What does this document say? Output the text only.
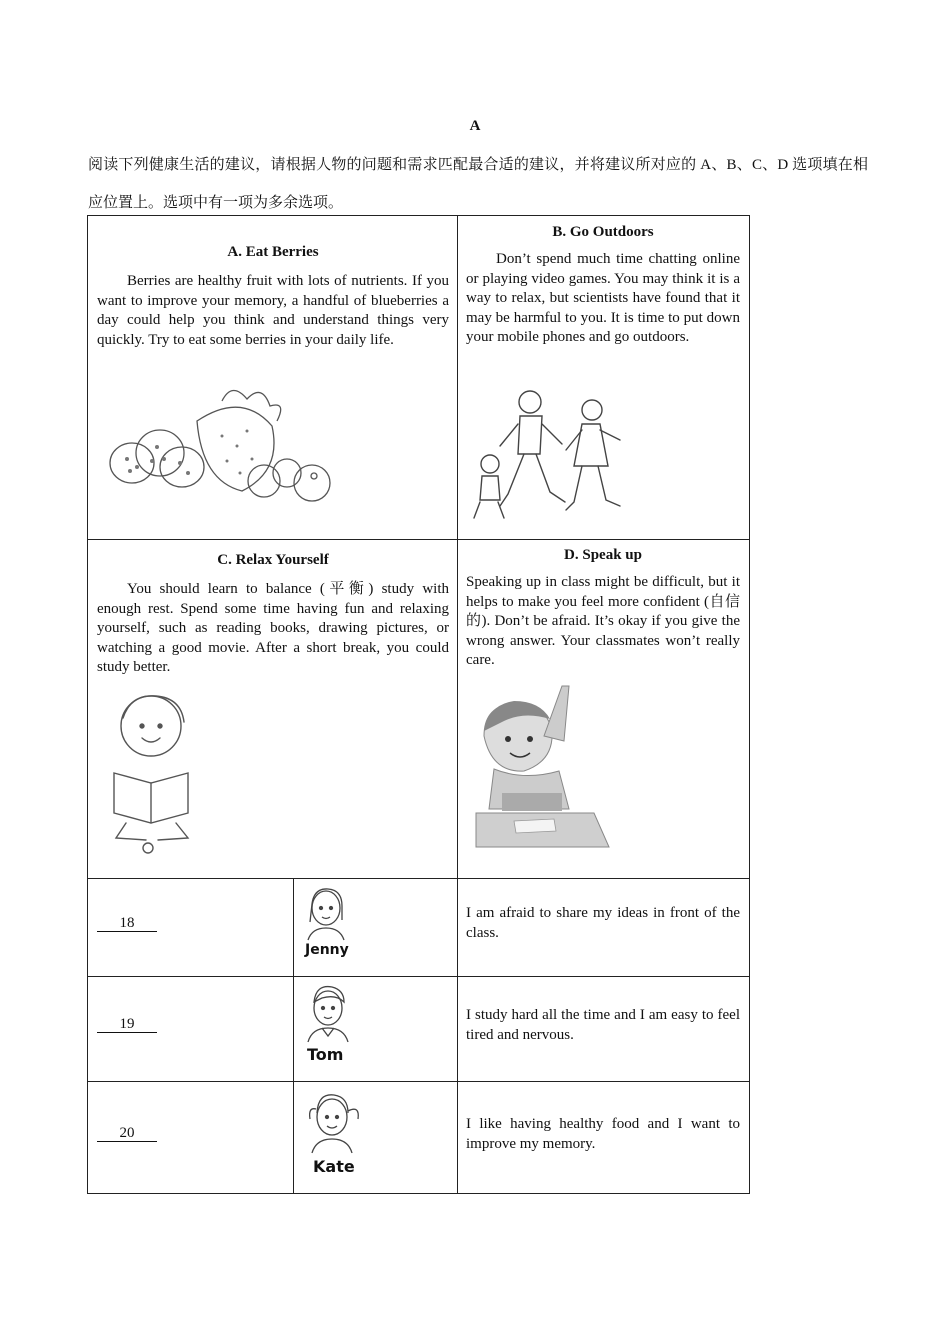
A
阅读下列健康生活的建议，请根据人物的问题和需求匹配最合适的建议，并将建议所对应的 A、B、C、D 选项填在相应位置上。选项中有一项为多余选项。
A. Eat Berries
Berries are healthy fruit with lots of nutrients. If you want to improve your memory, a handful of blueberries a day could help you think and understand things very quickly. Try to eat some berries in your daily life.
B. Go Outdoors
Don’t spend much time chatting online or playing video games. You may think it is a way to relax, but scientists have found that it may be harmful to you. It is time to put down your mobile phones and go outdoors.
C. Relax Yourself
You should learn to balance (平衡) study with enough rest. Spend some time having fun and relaxing yourself, such as reading books, drawing pictures, or watching a good movie. After a short break, you could study better.
D. Speak up
Speaking up in class might be difficult, but it helps to make you feel more confident (自信的). Don’t be afraid. It’s okay if you give the wrong answer. Your classmates won’t really care.
  18  
Jenny
I am afraid to share my ideas in front of the class.
  19  
Tom
I study hard all the time and I am easy to feel tired and nervous.
  20  
Kate
I like having healthy food and I want to improve my memory.
